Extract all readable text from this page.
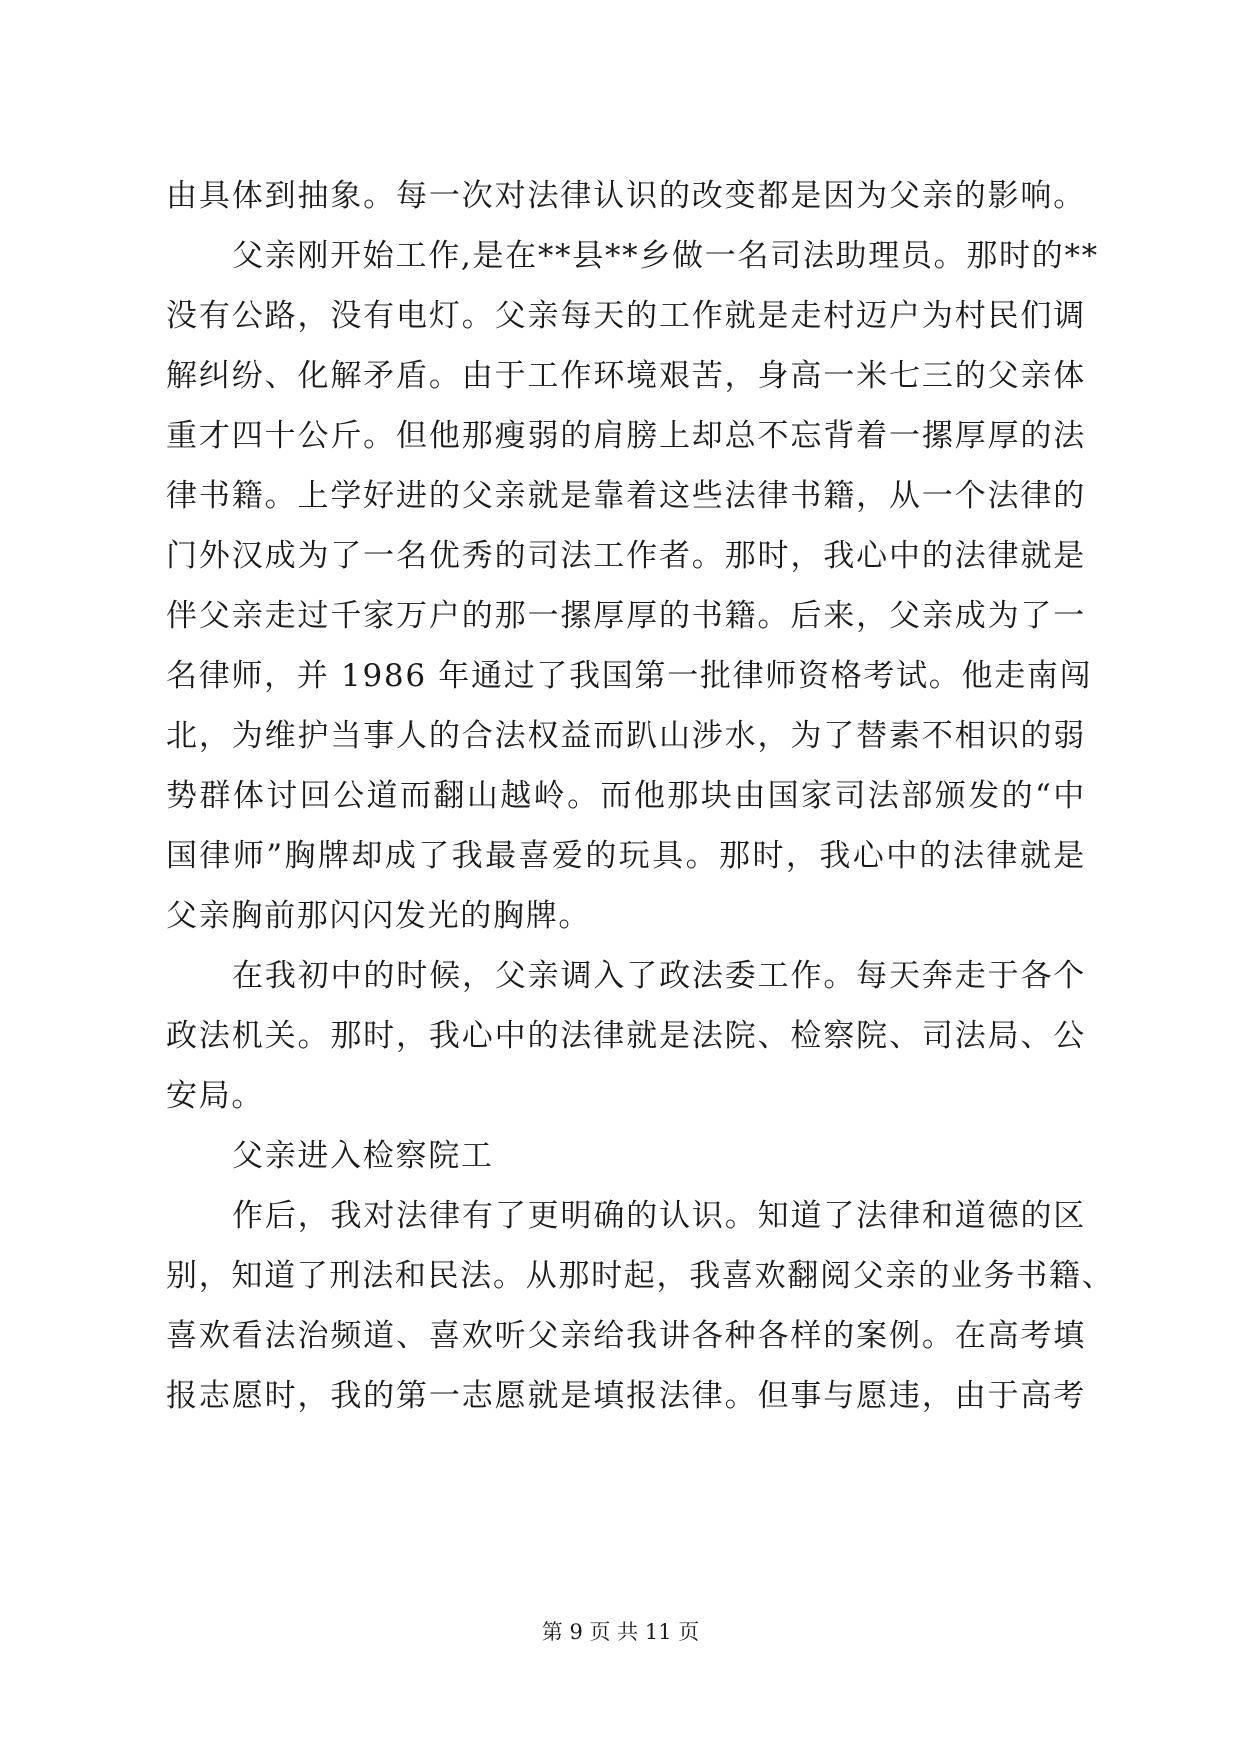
由具体到抽象。每一次对法律认识的改变都是因为父亲的影响。
父亲刚开始工作,是在**县**乡做一名司法助理员。那时的**
没有公路，没有电灯。父亲每天的工作就是走村迈户为村民们调
解纠纷、化解矛盾。由于工作环境艰苦，身高一米七三的父亲体
重才四十公斤。但他那瘦弱的肩膀上却总不忘背着一摞厚厚的法
律书籍。上学好进的父亲就是靠着这些法律书籍，从一个法律的
门外汉成为了一名优秀的司法工作者。那时，我心中的法律就是
伴父亲走过千家万户的那一摞厚厚的书籍。后来，父亲成为了一
名律师，并 1986 年通过了我国第一批律师资格考试。他走南闯
北，为维护当事人的合法权益而趴山涉水，为了替素不相识的弱
势群体讨回公道而翻山越岭。而他那块由国家司法部颁发的“中
国律师”胸牌却成了我最喜爱的玩具。那时，我心中的法律就是
父亲胸前那闪闪发光的胸牌。
在我初中的时候，父亲调入了政法委工作。每天奔走于各个
政法机关。那时，我心中的法律就是法院、检察院、司法局、公
安局。
父亲进入检察院工
作后，我对法律有了更明确的认识。知道了法律和道德的区
别，知道了刑法和民法。从那时起，我喜欢翻阅父亲的业务书籍、
喜欢看法治频道、喜欢听父亲给我讲各种各样的案例。在高考填
报志愿时，我的第一志愿就是填报法律。但事与愿违，由于高考
第 9 页 共 11 页
